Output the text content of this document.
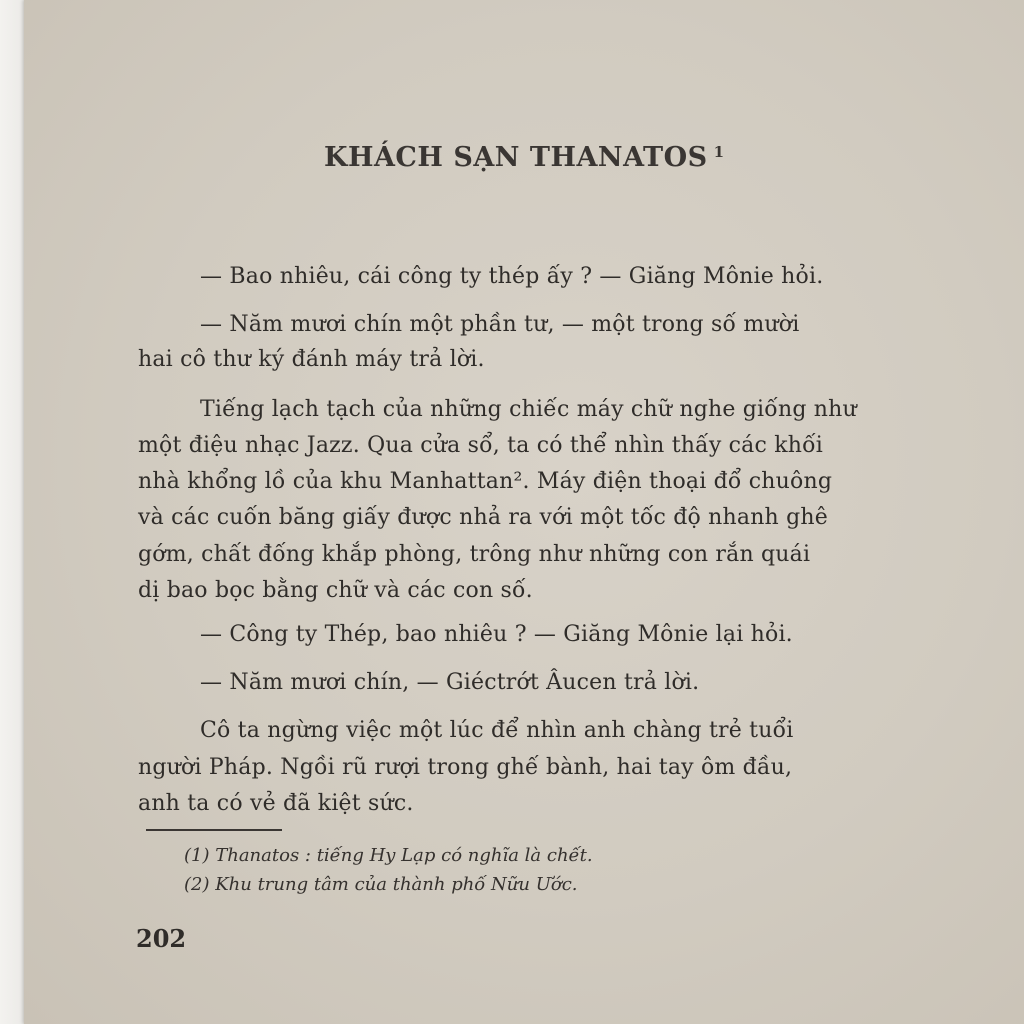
KHÁCH SẠN THANATOS $^1$
— Bao nhiêu, cái công ty thép ấy ? — Giăng Mônie hỏi.
— Năm mươi chín một phần tư, — một trong số mười
hai cô thư ký đánh máy trả lời.
Tiếng lạch tạch của những chiếc máy chữ nghe giống như
một điệu nhạc Jazz. Qua cửa sổ, ta có thể nhìn thấy các khối
nhà khổng lồ của khu Manhattan². Máy điện thoại đổ chuông
và các cuốn băng giấy được nhả ra với một tốc độ nhanh ghê
gớm, chất đống khắp phòng, trông như những con rắn quái
dị bao bọc bằng chữ và các con số.
— Công ty Thép, bao nhiêu ? — Giăng Mônie lại hỏi.
— Năm mươi chín, — Giéctrớt Âucen trả lời.
Cô ta ngừng việc một lúc để nhìn anh chàng trẻ tuổi
người Pháp. Ngồi rũ rượi trong ghế bành, hai tay ôm đầu,
anh ta có vẻ đã kiệt sức.
(1) Thanatos : tiếng Hy Lạp có nghĩa là chết.
(2) Khu trung tâm của thành phố Nữu Ước.
202
